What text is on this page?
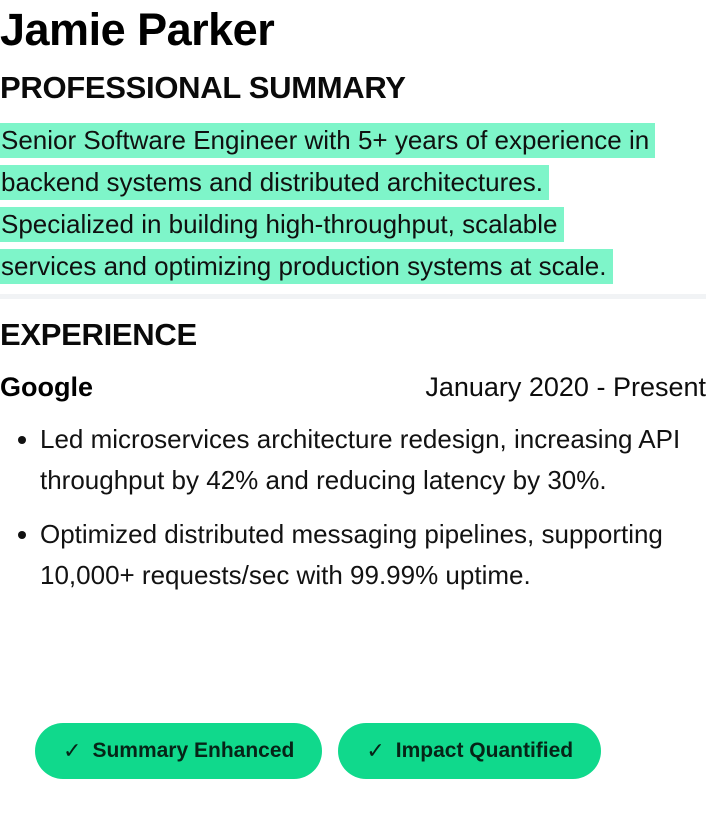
Jamie Parker
PROFESSIONAL SUMMARY
Senior Software Engineer with 5+ years of experience in
backend systems and distributed architectures.
Specialized in building high-throughput, scalable
services and optimizing production systems at scale.
EXPERIENCE
Google	January 2020 - Present
Led microservices architecture redesign, increasing API throughput by 42% and reducing latency by 30%.
Optimized distributed messaging pipelines, supporting 10,000+ requests/sec with 99.99% uptime.
✓ Summary Enhanced	✓ Impact Quantified
